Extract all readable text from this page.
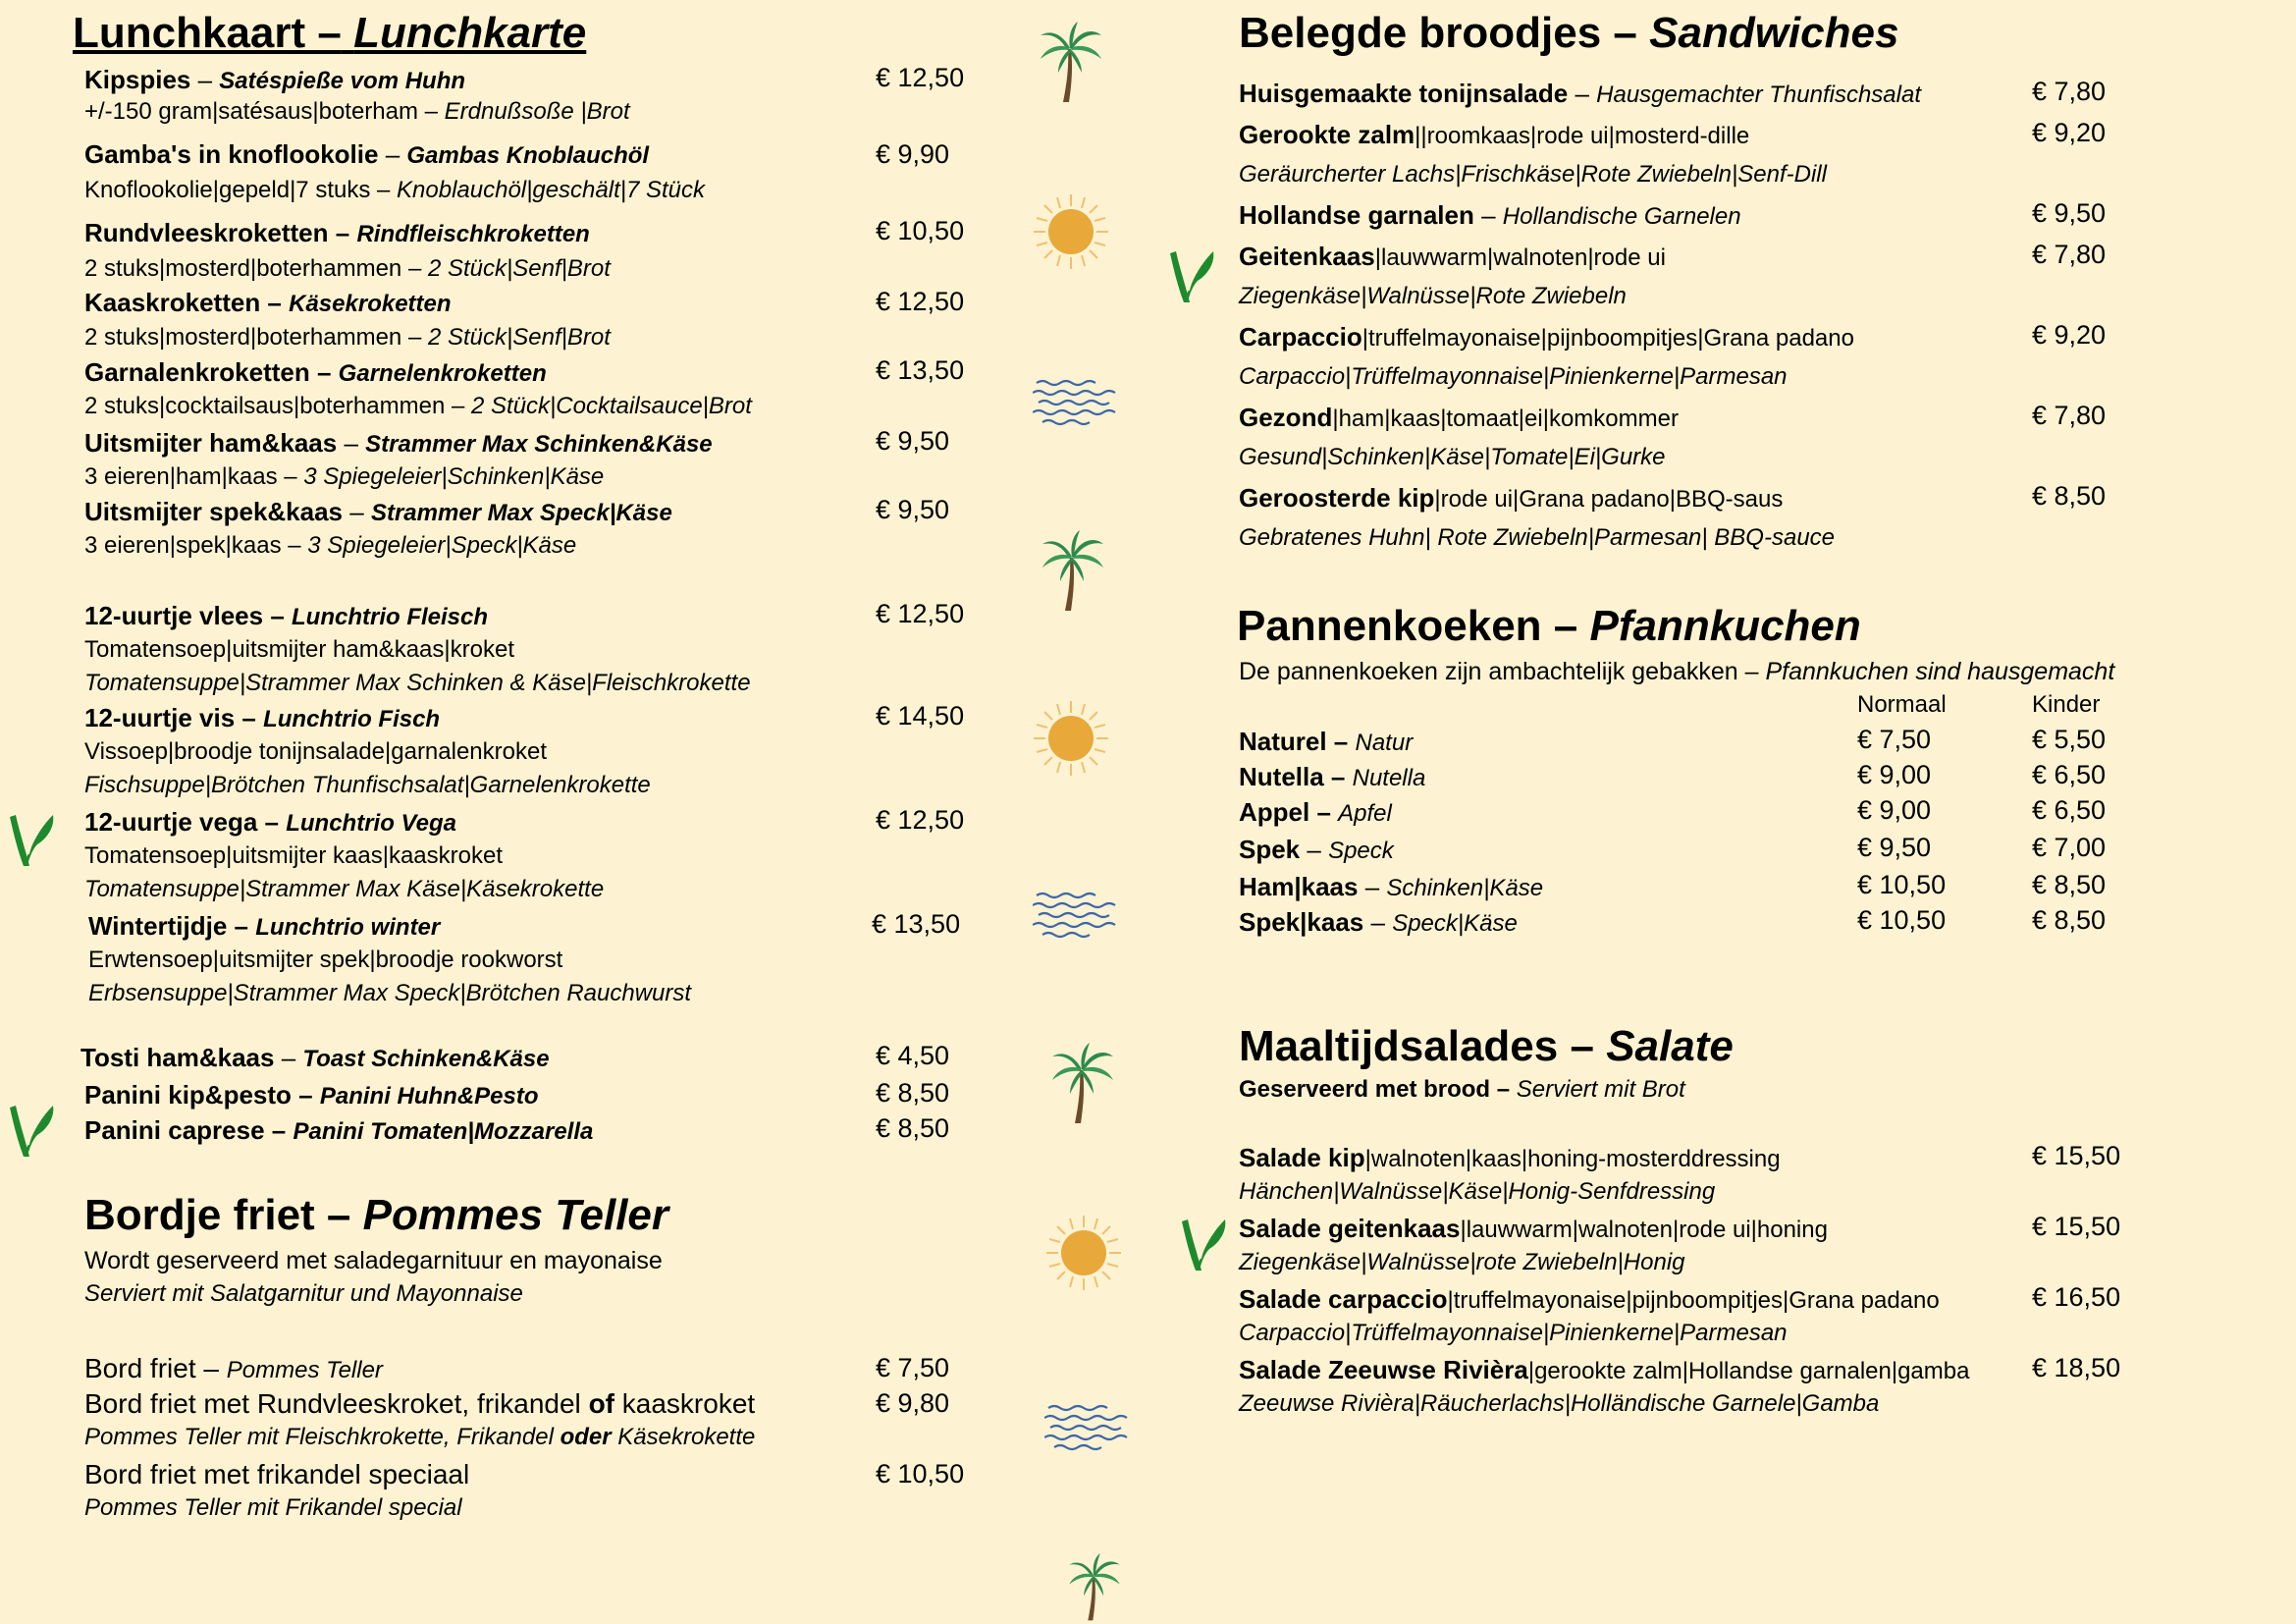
Lunchkaart – Lunchkarte
Kipspies – Satéspieße vom Huhn	€ 12,50
+/-150 gram|satésaus|boterham – Erdnußsoße |Brot
Gamba's in knoflookolie – Gambas Knoblauchöl	€ 9,90
Knoflookolie|gepeld|7 stuks – Knoblauchöl|geschält|7 Stück
Rundvleeskroketten – Rindfleischkroketten	€ 10,50
2 stuks|mosterd|boterhammen – 2 Stück|Senf|Brot
Kaaskroketten – Käsekroketten	€ 12,50
2 stuks|mosterd|boterhammen – 2 Stück|Senf|Brot
Garnalenkroketten – Garnelenkroketten	€ 13,50
2 stuks|cocktailsaus|boterhammen – 2 Stück|Cocktailsauce|Brot
Uitsmijter ham&kaas – Strammer Max Schinken&Käse	€ 9,50
3 eieren|ham|kaas – 3 Spiegeleier|Schinken|Käse
Uitsmijter spek&kaas – Strammer Max Speck|Käse	€ 9,50
3 eieren|spek|kaas – 3 Spiegeleier|Speck|Käse
12-uurtje vlees – Lunchtrio Fleisch	€ 12,50
Tomatensoep|uitsmijter ham&kaas|kroket
Tomatensuppe|Strammer Max Schinken & Käse|Fleischkrokette
12-uurtje vis – Lunchtrio Fisch	€ 14,50
Vissoep|broodje tonijnsalade|garnalenkroket
Fischsuppe|Brötchen Thunfischsalat|Garnelenkrokette
12-uurtje vega – Lunchtrio Vega	€ 12,50
Tomatensoep|uitsmijter kaas|kaaskroket
Tomatensuppe|Strammer Max Käse|Käsekrokette
Wintertijdje – Lunchtrio winter	€ 13,50
Erwtensoep|uitsmijter spek|broodje rookworst
Erbsensuppe|Strammer Max Speck|Brötchen Rauchwurst
Tosti ham&kaas – Toast Schinken&Käse	€ 4,50
Panini kip&pesto – Panini Huhn&Pesto	€ 8,50
Panini caprese – Panini Tomaten|Mozzarella	€ 8,50
Bordje friet – Pommes Teller
Wordt geserveerd met saladegarnituur en mayonaise
Serviert mit Salatgarnitur und Mayonnaise
Bord friet – Pommes Teller	€ 7,50
Bord friet met Rundvleeskroket, frikandel of kaaskroket	€ 9,80
Pommes Teller mit Fleischkrokette, Frikandel oder Käsekrokette
Bord friet met frikandel speciaal	€ 10,50
Pommes Teller mit Frikandel special
Belegde broodjes – Sandwiches
Huisgemaakte tonijnsalade – Hausgemachter Thunfischsalat	€ 7,80
Gerookte zalm||roomkaas|rode ui|mosterd-dille	€ 9,20
Geräurcherter Lachs|Frischkäse|Rote Zwiebeln|Senf-Dill
Hollandse garnalen – Hollandische Garnelen	€ 9,50
Geitenkaas|lauwwarm|walnoten|rode ui	€ 7,80
Ziegenkäse|Walnüsse|Rote Zwiebeln
Carpaccio|truffelmayonaise|pijnboompitjes|Grana padano	€ 9,20
Carpaccio|Trüffelmayonnaise|Pinienkerne|Parmesan
Gezond|ham|kaas|tomaat|ei|komkommer	€ 7,80
Gesund|Schinken|Käse|Tomate|Ei|Gurke
Geroosterde kip|rode ui|Grana padano|BBQ-saus	€ 8,50
Gebratenes Huhn| Rote Zwiebeln|Parmesan| BBQ-sauce
Pannenkoeken – Pfannkuchen
De pannenkoeken zijn ambachtelijk gebakken – Pfannkuchen sind hausgemacht
Normaal	Kinder
Naturel – Natur	€ 7,50	€ 5,50
Nutella – Nutella	€ 9,00	€ 6,50
Appel – Apfel	€ 9,00	€ 6,50
Spek – Speck	€ 9,50	€ 7,00
Ham|kaas – Schinken|Käse	€ 10,50	€ 8,50
Spek|kaas – Speck|Käse	€ 10,50	€ 8,50
Maaltijdsalades – Salate
Geserveerd met brood – Serviert mit Brot
Salade kip|walnoten|kaas|honing-mosterddressing	€ 15,50
Hänchen|Walnüsse|Käse|Honig-Senfdressing
Salade geitenkaas|lauwwarm|walnoten|rode ui|honing	€ 15,50
Ziegenkäse|Walnüsse|rote Zwiebeln|Honig
Salade carpaccio|truffelmayonaise|pijnboompitjes|Grana padano	€ 16,50
Carpaccio|Trüffelmayonnaise|Pinienkerne|Parmesan
Salade Zeeuwse Rivièra|gerookte zalm|Hollandse garnalen|gamba € 18,50
Zeeuwse Rivièra|Räucherlachs|Holländische Garnele|Gamba
